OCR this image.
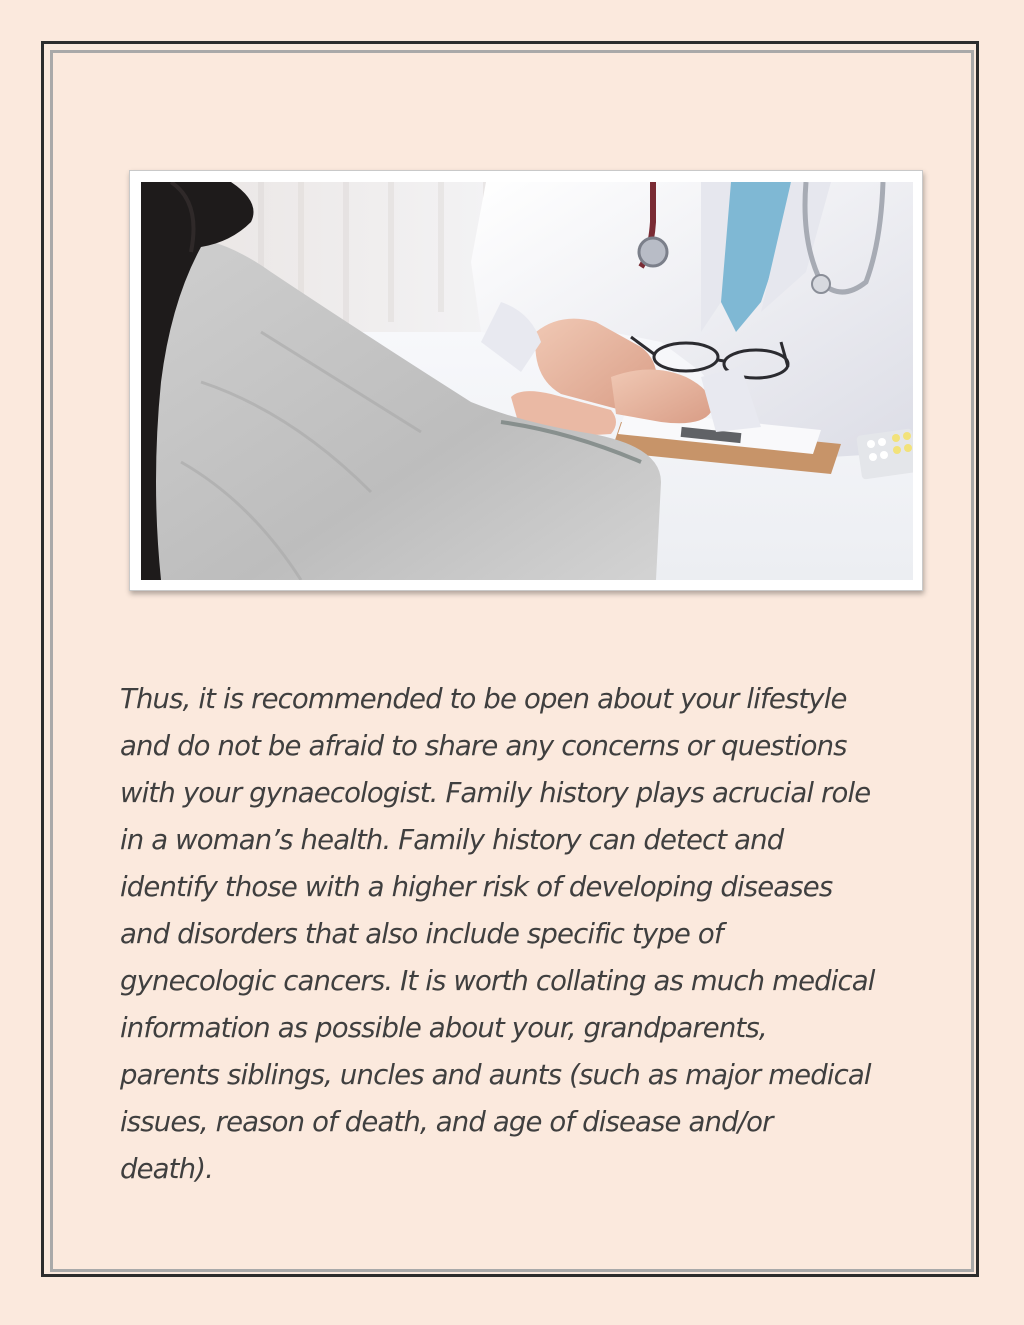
Thus, it is recommended to be open about your lifestyle
and do not be afraid to share any concerns or questions
with your gynaecologist. Family history plays acrucial role
in a woman’s health. Family history can detect and
identify those with a higher risk of developing diseases
and disorders that also include specific type of
gynecologic cancers. It is worth collating as much medical
information as possible about your, grandparents,
parents siblings, uncles and aunts (such as major medical
issues, reason of death, and age of disease and/or
death).
